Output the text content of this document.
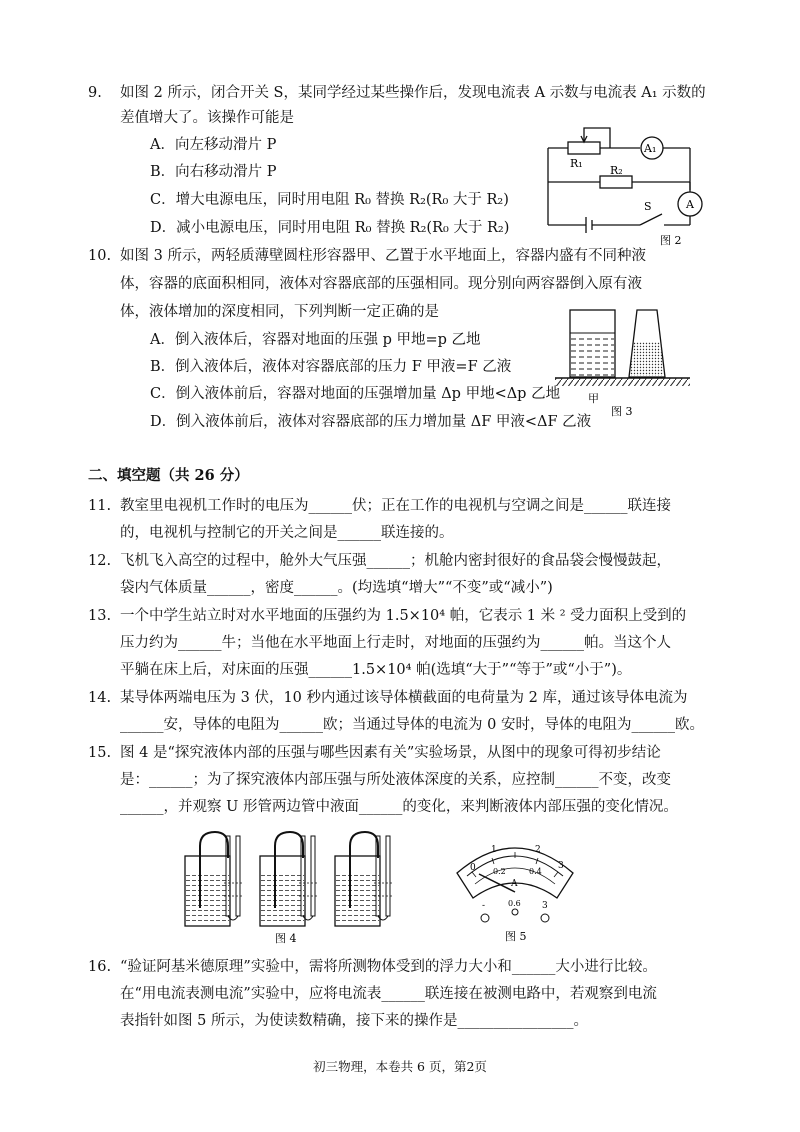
9. 如图 2 所示，闭合开关 S，某同学经过某些操作后，发现电流表 A 示数与电流表 A₁ 示数的
差值增大了。该操作可能是
A．向左移动滑片 P
B．向右移动滑片 P
C．增大电源电压，同时用电阻 R₀ 替换 R₂(R₀ 大于 R₂)
D．减小电源电压，同时用电阻 R₀ 替换 R₂(R₀ 大于 R₂)
R₁
R₂
A₁
A
S
图 2
10. 如图 3 所示，两轻质薄壁圆柱形容器甲、乙置于水平地面上，容器内盛有不同种液
体，容器的底面积相同，液体对容器底部的压强相同。现分别向两容器倒入原有液
体，液体增加的深度相同，下列判断一定正确的是
A．倒入液体后，容器对地面的压强 p 甲地=p 乙地
B．倒入液体后，液体对容器底部的压力 F 甲液=F 乙液
C．倒入液体前后，容器对地面的压强增加量 Δp 甲地<Δp 乙地
D．倒入液体前后，液体对容器底部的压力增加量 ΔF 甲液<ΔF 乙液
甲
图 3
二、填空题（共 26 分）
11. 教室里电视机工作时的电压为______伏；正在工作的电视机与空调之间是______联连接
的，电视机与控制它的开关之间是______联连接的。
12. 飞机飞入高空的过程中，舱外大气压强______；机舱内密封很好的食品袋会慢慢鼓起，
袋内气体质量______，密度______。(均选填“增大”“不变”或“减小”)
13. 一个中学生站立时对水平地面的压强约为 1.5×10⁴ 帕，它表示 1 米 ² 受力面积上受到的
压力约为______牛；当他在水平地面上行走时，对地面的压强约为______帕。当这个人
平躺在床上后，对床面的压强______1.5×10⁴ 帕(选填“大于”“等于”或“小于”)。
14. 某导体两端电压为 3 伏，10 秒内通过该导体横截面的电荷量为 2 库，通过该导体电流为
______安，导体的电阻为______欧；当通过导体的电流为 0 安时，导体的电阻为______欧。
15. 图 4 是“探究液体内部的压强与哪些因素有关”实验场景，从图中的现象可得初步结论
是：______；为了探究液体内部压强与所处液体深度的关系，应控制______不变，改变
______，并观察 U 形管两边管中液面______的变化，来判断液体内部压强的变化情况。
图 4
0
1	2
3
0.2	0.4
A
-	0.6 3
图 5
16. “验证阿基米德原理”实验中，需将所测物体受到的浮力大小和______大小进行比较。
在“用电流表测电流”实验中，应将电流表______联连接在被测电路中，若观察到电流
表指针如图 5 所示，为使读数精确，接下来的操作是________________。
初三物理，本卷共 6 页，第2页
